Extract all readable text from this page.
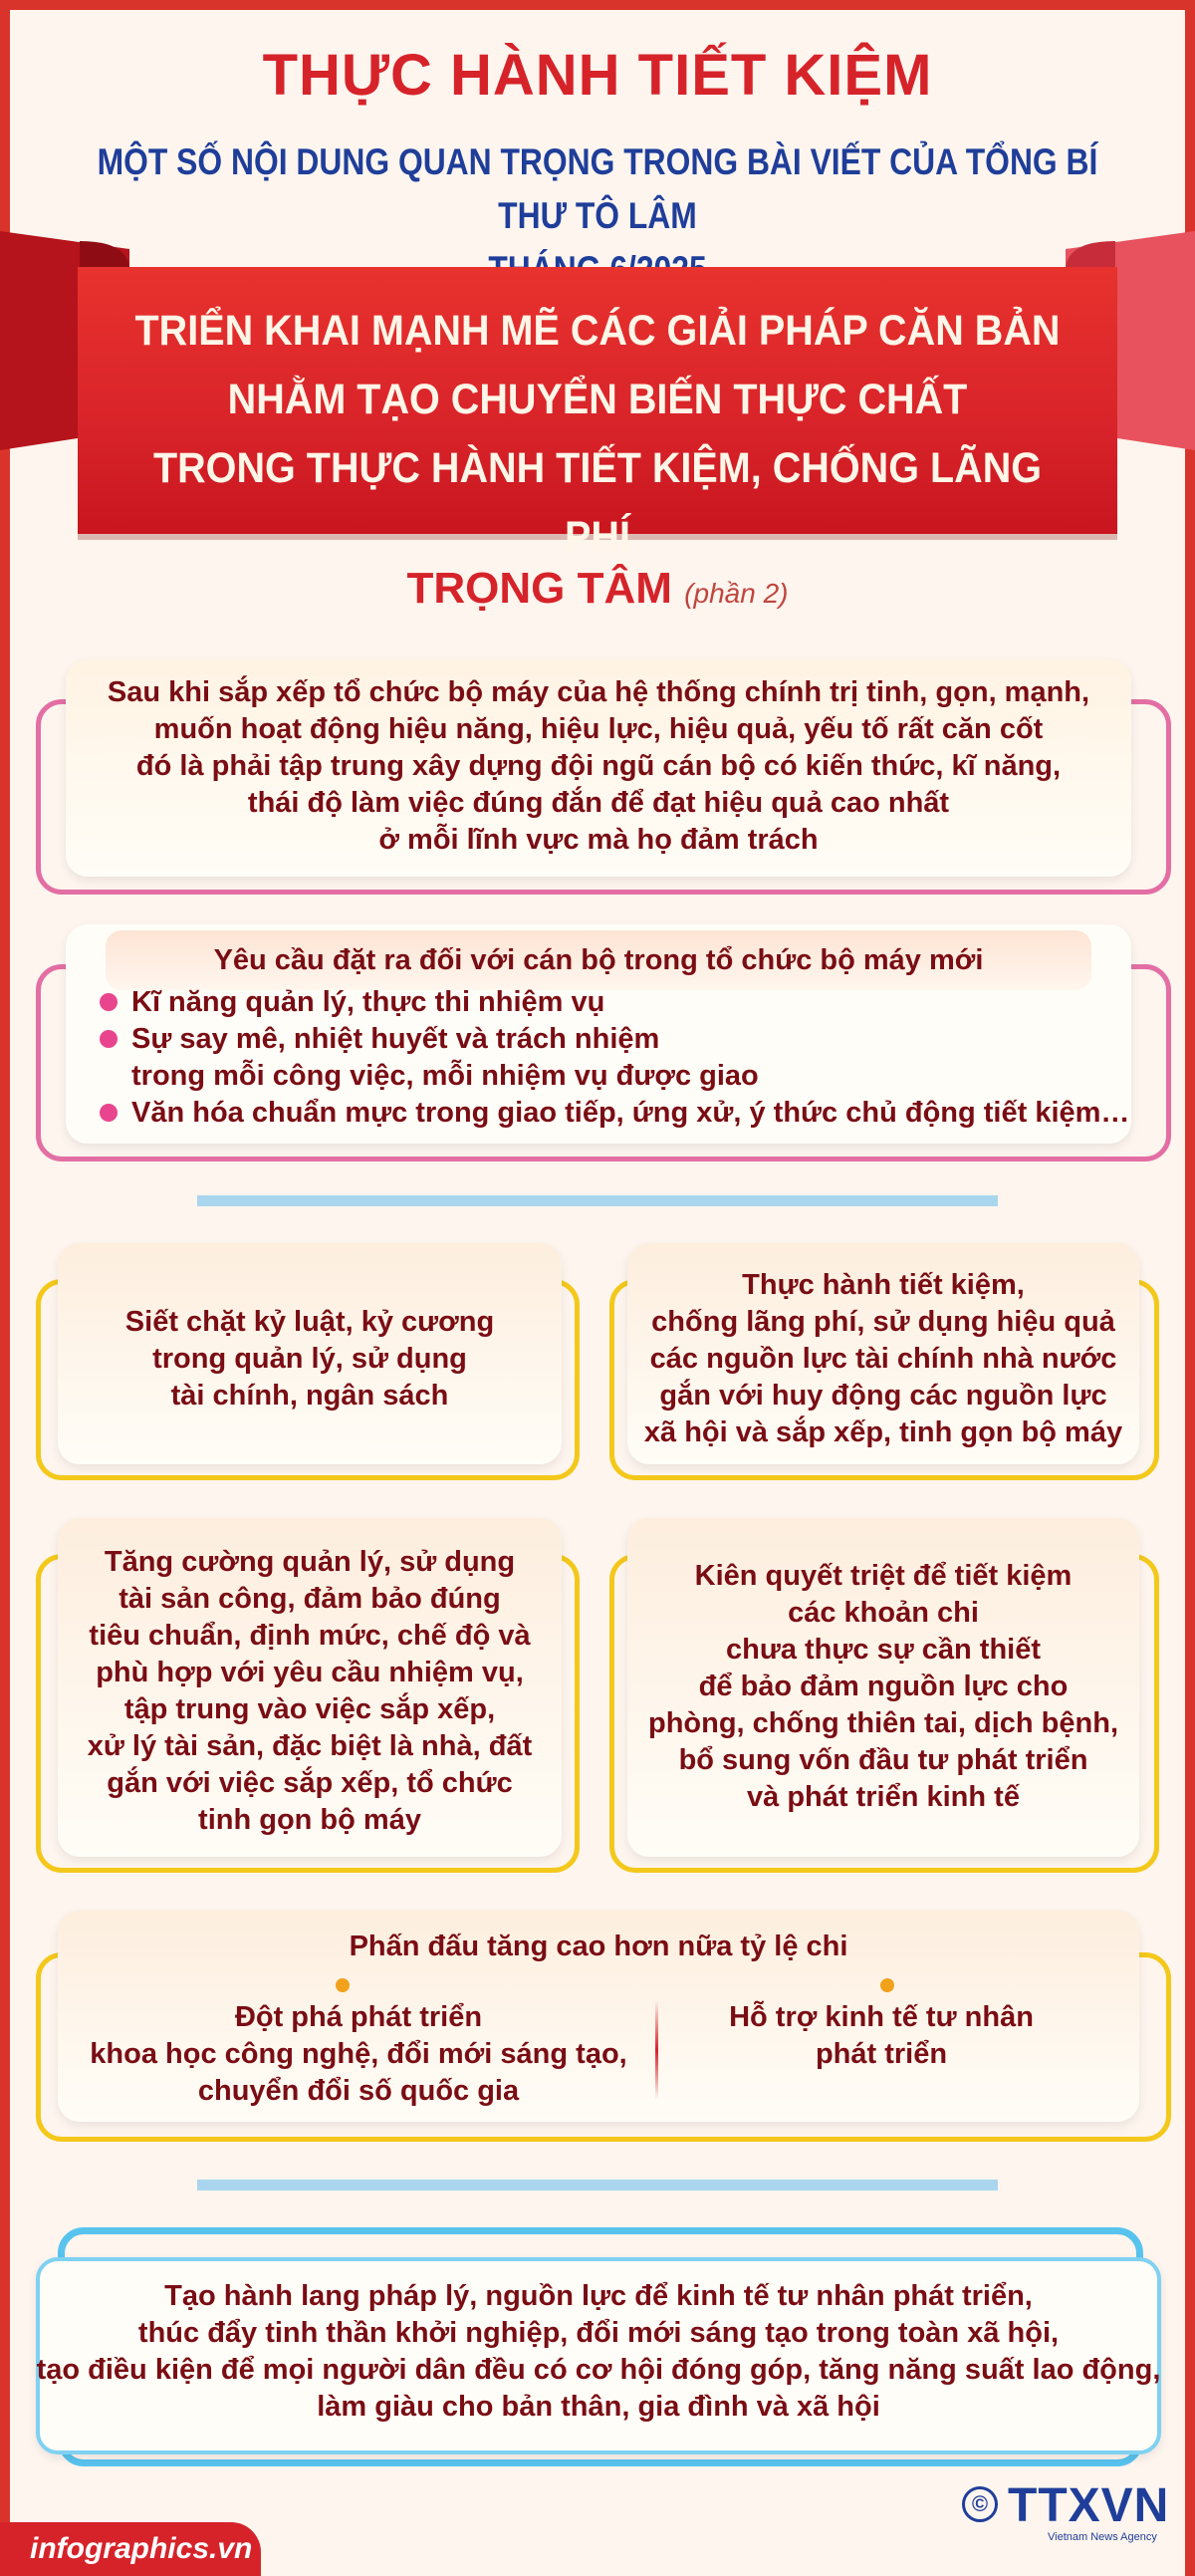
THỰC HÀNH TIẾT KIỆM
MỘT SỐ NỘI DUNG QUAN TRỌNG TRONG BÀI VIẾT CỦA TỔNG BÍ THƯ TÔ LÂM
TRIỂN KHAI MẠNH MẼ CÁC GIẢI PHÁP CĂN BẢN
NHẰM TẠO CHUYỂN BIẾN THỰC CHẤT
TRONG THỰC HÀNH TIẾT KIỆM, CHỐNG LÃNG PHÍ
TRỌNG TÂM (phần 2)
Sau khi sắp xếp tổ chức bộ máy của hệ thống chính trị tinh, gọn, mạnh,
muốn hoạt động hiệu năng, hiệu lực, hiệu quả, yếu tố rất căn cốt
đó là phải tập trung xây dựng đội ngũ cán bộ có kiến thức, kĩ năng,
thái độ làm việc đúng đắn để đạt hiệu quả cao nhất
ở mỗi lĩnh vực mà họ đảm trách
Yêu cầu đặt ra đối với cán bộ trong tổ chức bộ máy mới
Kĩ năng quản lý, thực thi nhiệm vụ
Sự say mê, nhiệt huyết và trách nhiệm
trong mỗi công việc, mỗi nhiệm vụ được giao
Văn hóa chuẩn mực trong giao tiếp, ứng xử, ý thức chủ động tiết kiệm…
Siết chặt kỷ luật, kỷ cương
trong quản lý, sử dụng
tài chính, ngân sách
Thực hành tiết kiệm,
chống lãng phí, sử dụng hiệu quả
các nguồn lực tài chính nhà nước
gắn với huy động các nguồn lực
xã hội và sắp xếp, tinh gọn bộ máy
Tăng cường quản lý, sử dụng
tài sản công, đảm bảo đúng
tiêu chuẩn, định mức, chế độ và
phù hợp với yêu cầu nhiệm vụ,
tập trung vào việc sắp xếp,
xử lý tài sản, đặc biệt là nhà, đất
gắn với việc sắp xếp, tổ chức
tinh gọn bộ máy
Kiên quyết triệt để tiết kiệm
các khoản chi
chưa thực sự cần thiết
để bảo đảm nguồn lực cho
phòng, chống thiên tai, dịch bệnh,
bổ sung vốn đầu tư phát triển
và phát triển kinh tế
Phấn đấu tăng cao hơn nữa tỷ lệ chi
Đột phá phát triển
khoa học công nghệ, đổi mới sáng tạo,
chuyển đổi số quốc gia
Hỗ trợ kinh tế tư nhân
phát triển
Tạo hành lang pháp lý, nguồn lực để kinh tế tư nhân phát triển,
thúc đẩy tinh thần khởi nghiệp, đổi mới sáng tạo trong toàn xã hội,
tạo điều kiện để mọi người dân đều có cơ hội đóng góp, tăng năng suất lao động,
làm giàu cho bản thân, gia đình và xã hội
infographics.vn
© TTXVN
Vietnam News Agency
